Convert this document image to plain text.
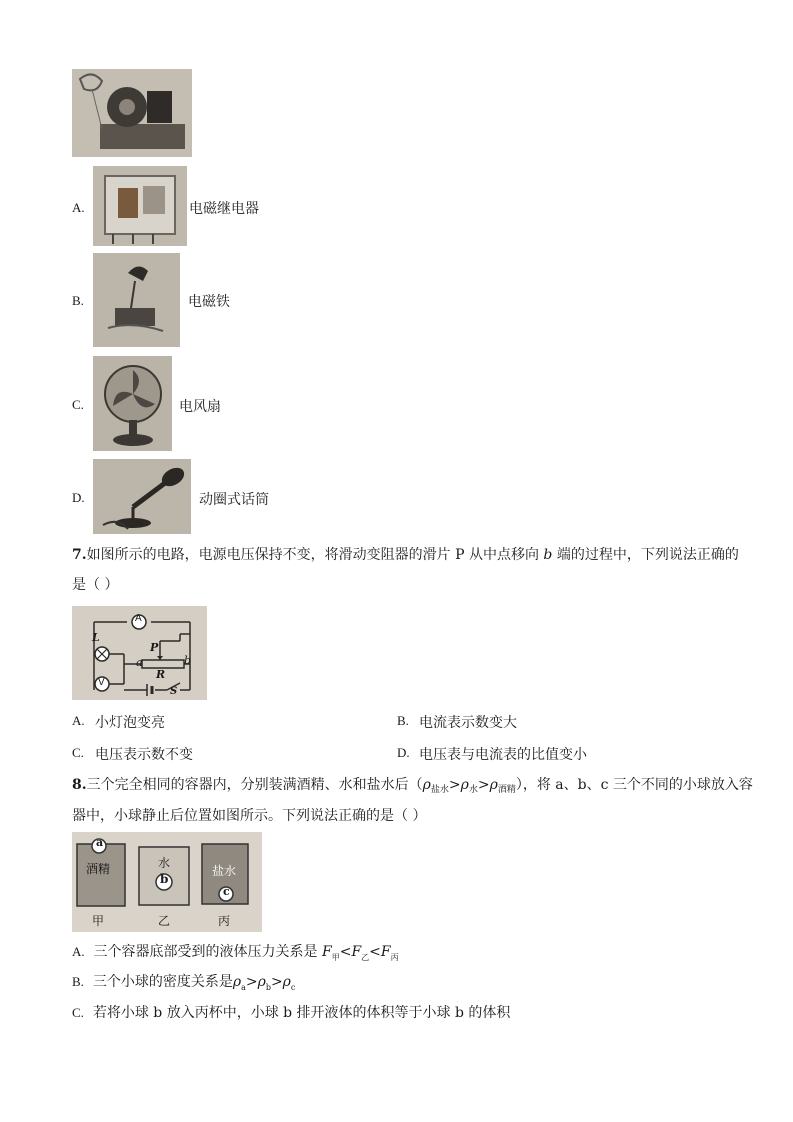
A.	电磁继电器
B.	电磁铁
C.	电风扇
D.	动圈式话筒
7.如图所示的电路，电源电压保持不变，将滑动变阻器的滑片 P 从中点移向 b 端的过程中，下列说法正确的
是（ ）
A
L
V
P
R
a	b
S
A. 小灯泡变亮	B. 电流表示数变大
C. 电压表示数不变	D. 电压表与电流表的比值变小
8.三个完全相同的容器内，分别装满酒精、水和盐水后$(\rho_{盐水}>\rho_水>\rho_{酒精})$，将 a、b、c 三个不同的小球放入容
器中，小球静止后位置如图所示。下列说法正确的是（ ）
a
酒精
甲
水
b
乙
盐水
c
丙
A. 三个容器底部受到的液体压力关系是 $F_甲<F_乙<F_丙$
B. 三个小球的密度关系是$\rho_a>\rho_b>\rho_c$
C. 若将小球 b 放入丙杯中，小球 b 排开液体的体积等于小球 b 的体积
